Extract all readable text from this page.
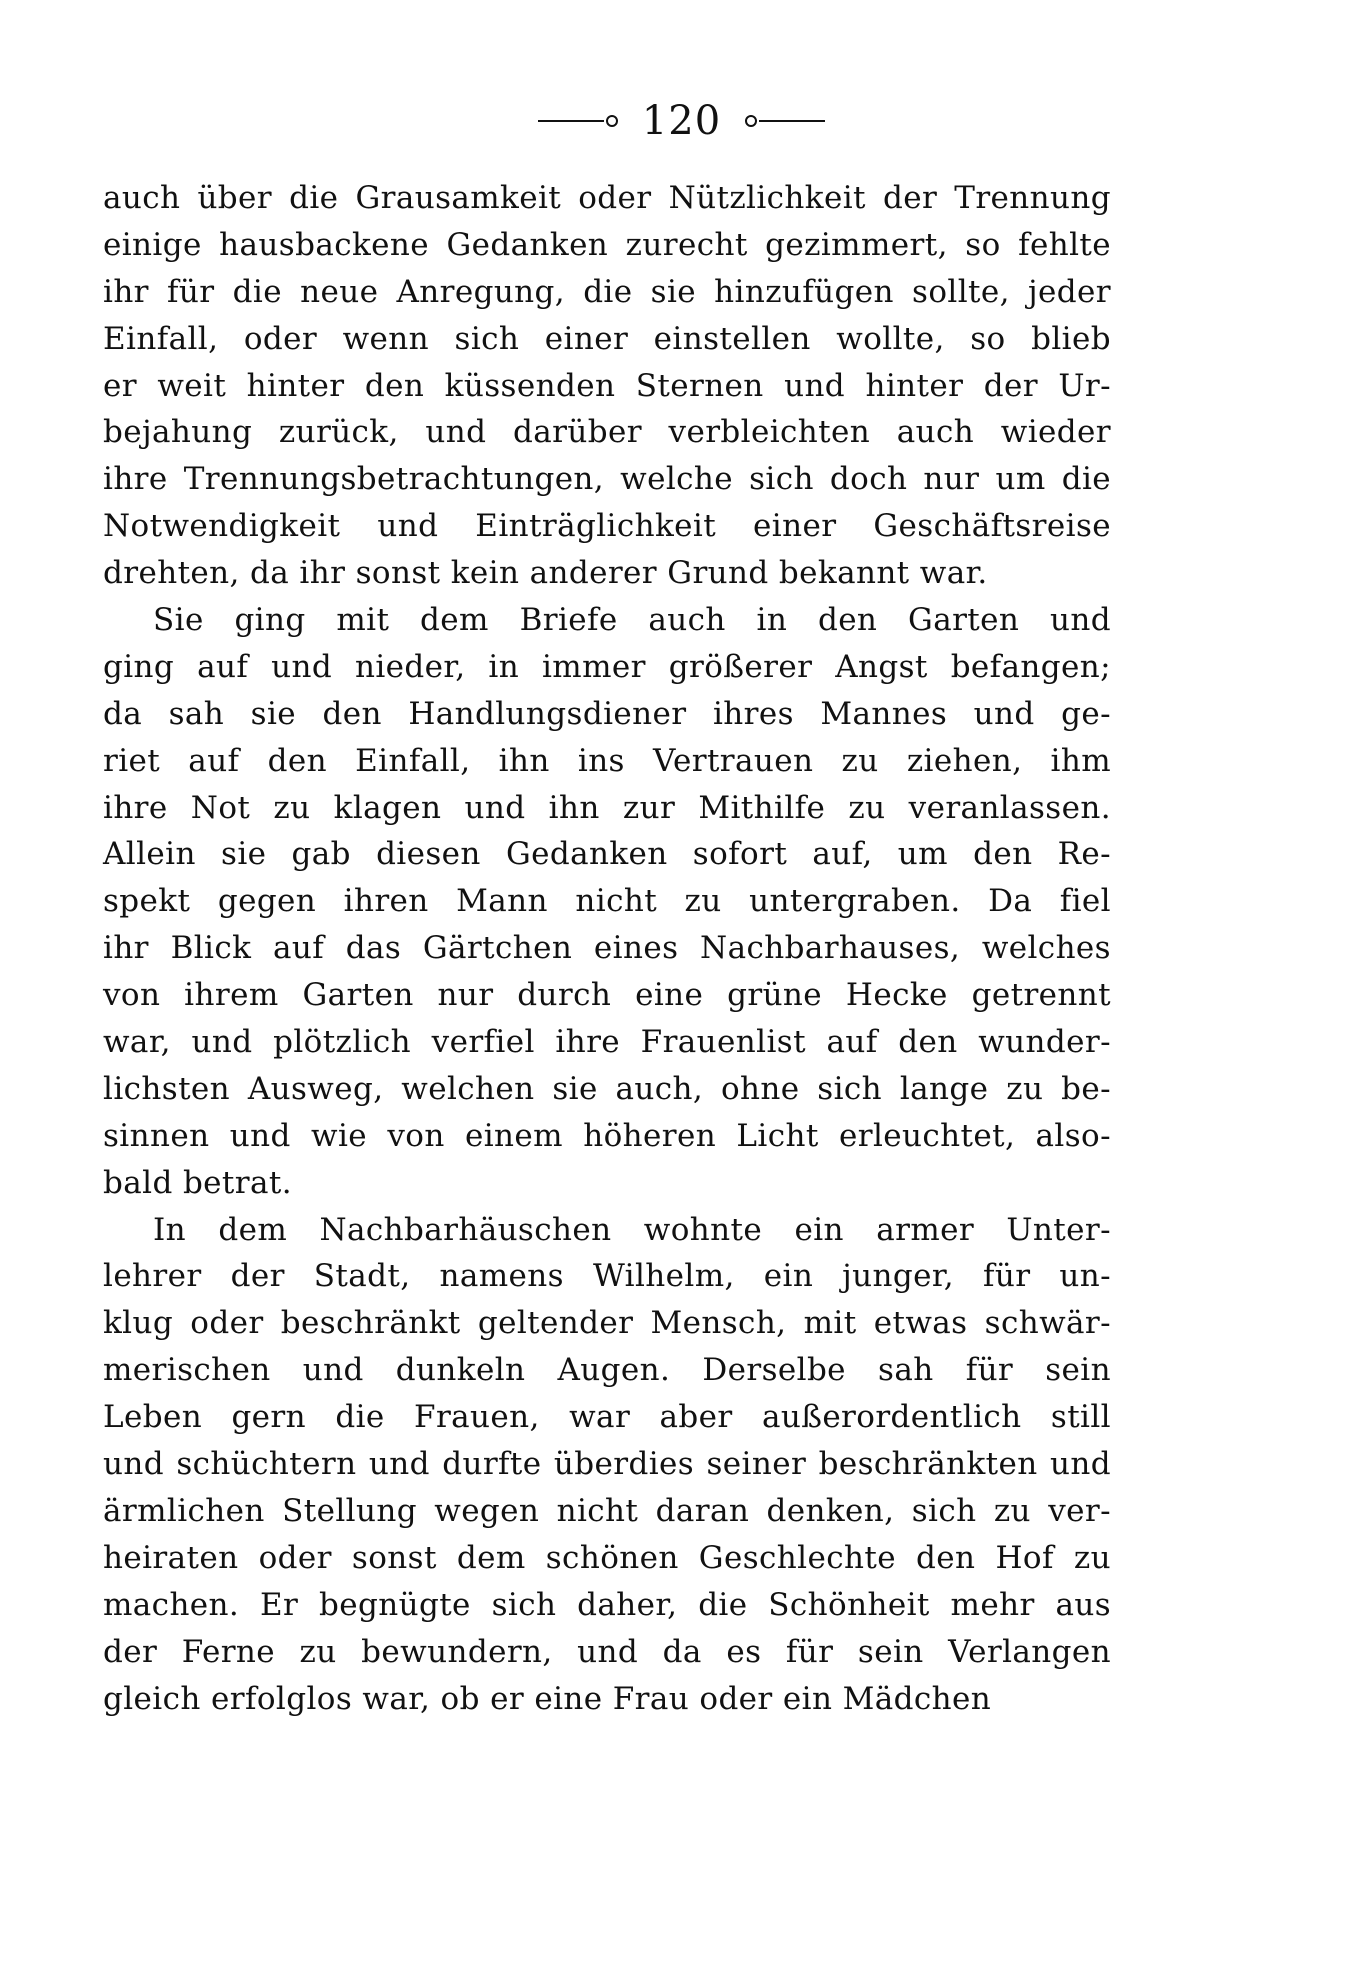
120
auch über die Grausamkeit oder Nützlichkeit der Trennung
einige hausbackene Gedanken zurecht gezimmert, so fehlte
ihr für die neue Anregung, die sie hinzufügen sollte, jeder
Einfall, oder wenn sich einer einstellen wollte, so blieb
er weit hinter den küssenden Sternen und hinter der Ur-
bejahung zurück, und darüber verbleichten auch wieder
ihre Trennungsbetrachtungen, welche sich doch nur um die
Notwendigkeit und Einträglichkeit einer Geschäftsreise
drehten, da ihr sonst kein anderer Grund bekannt war.
Sie ging mit dem Briefe auch in den Garten und
ging auf und nieder, in immer größerer Angst befangen;
da sah sie den Handlungsdiener ihres Mannes und ge-
riet auf den Einfall, ihn ins Vertrauen zu ziehen, ihm
ihre Not zu klagen und ihn zur Mithilfe zu veranlassen.
Allein sie gab diesen Gedanken sofort auf, um den Re-
spekt gegen ihren Mann nicht zu untergraben. Da fiel
ihr Blick auf das Gärtchen eines Nachbarhauses, welches
von ihrem Garten nur durch eine grüne Hecke getrennt
war, und plötzlich verfiel ihre Frauenlist auf den wunder-
lichsten Ausweg, welchen sie auch, ohne sich lange zu be-
sinnen und wie von einem höheren Licht erleuchtet, also-
bald betrat.
In dem Nachbarhäuschen wohnte ein armer Unter-
lehrer der Stadt, namens Wilhelm, ein junger, für un-
klug oder beschränkt geltender Mensch, mit etwas schwär-
merischen und dunkeln Augen. Derselbe sah für sein
Leben gern die Frauen, war aber außerordentlich still
und schüchtern und durfte überdies seiner beschränkten und
ärmlichen Stellung wegen nicht daran denken, sich zu ver-
heiraten oder sonst dem schönen Geschlechte den Hof zu
machen. Er begnügte sich daher, die Schönheit mehr aus
der Ferne zu bewundern, und da es für sein Verlangen
gleich erfolglos war, ob er eine Frau oder ein Mädchen
